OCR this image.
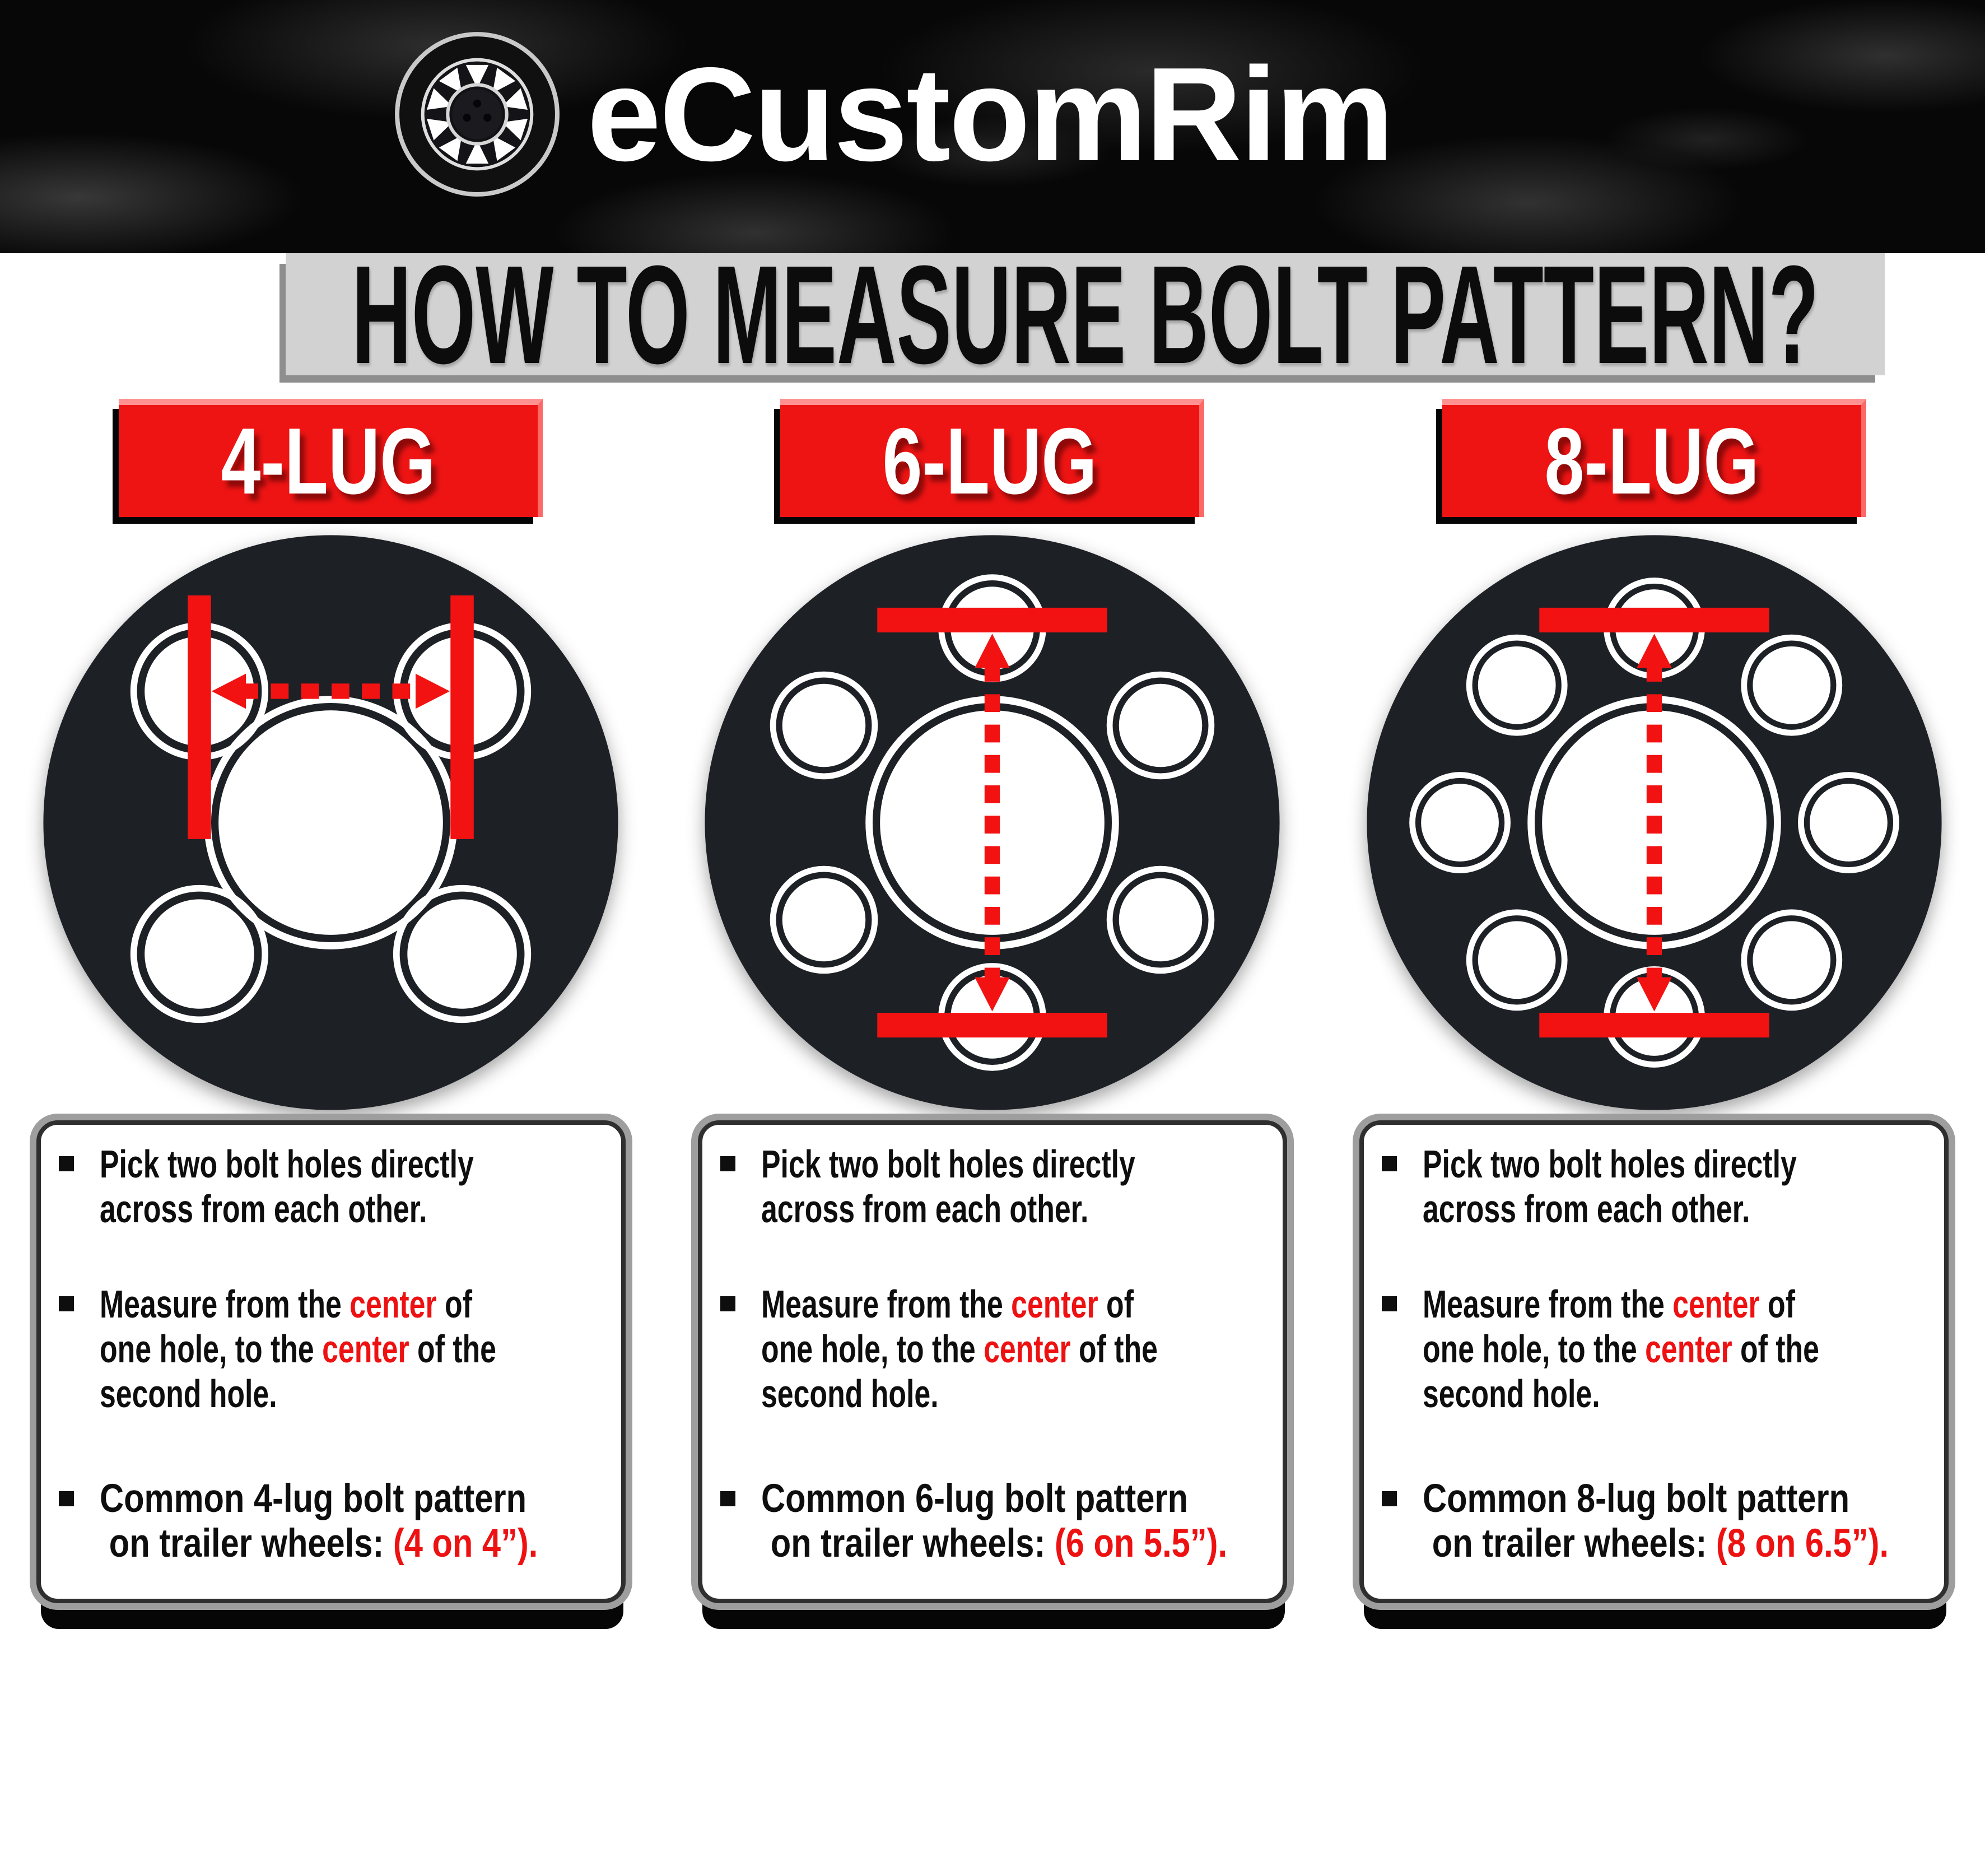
eCustomRim
HOW TO MEASURE BOLT PATTERN?
4-LUG
Pick two bolt holes directly
across from each other.
Measure from the center of
one hole, to the center of the
second hole.
Common 4-lug bolt pattern
on trailer wheels: (4 on 4”).
6-LUG
Pick two bolt holes directly
across from each other.
Measure from the center of
one hole, to the center of the
second hole.
Common 6-lug bolt pattern
on trailer wheels: (6 on 5.5”).
8-LUG
Pick two bolt holes directly
across from each other.
Measure from the center of
one hole, to the center of the
second hole.
Common 8-lug bolt pattern
on trailer wheels: (8 on 6.5”).
